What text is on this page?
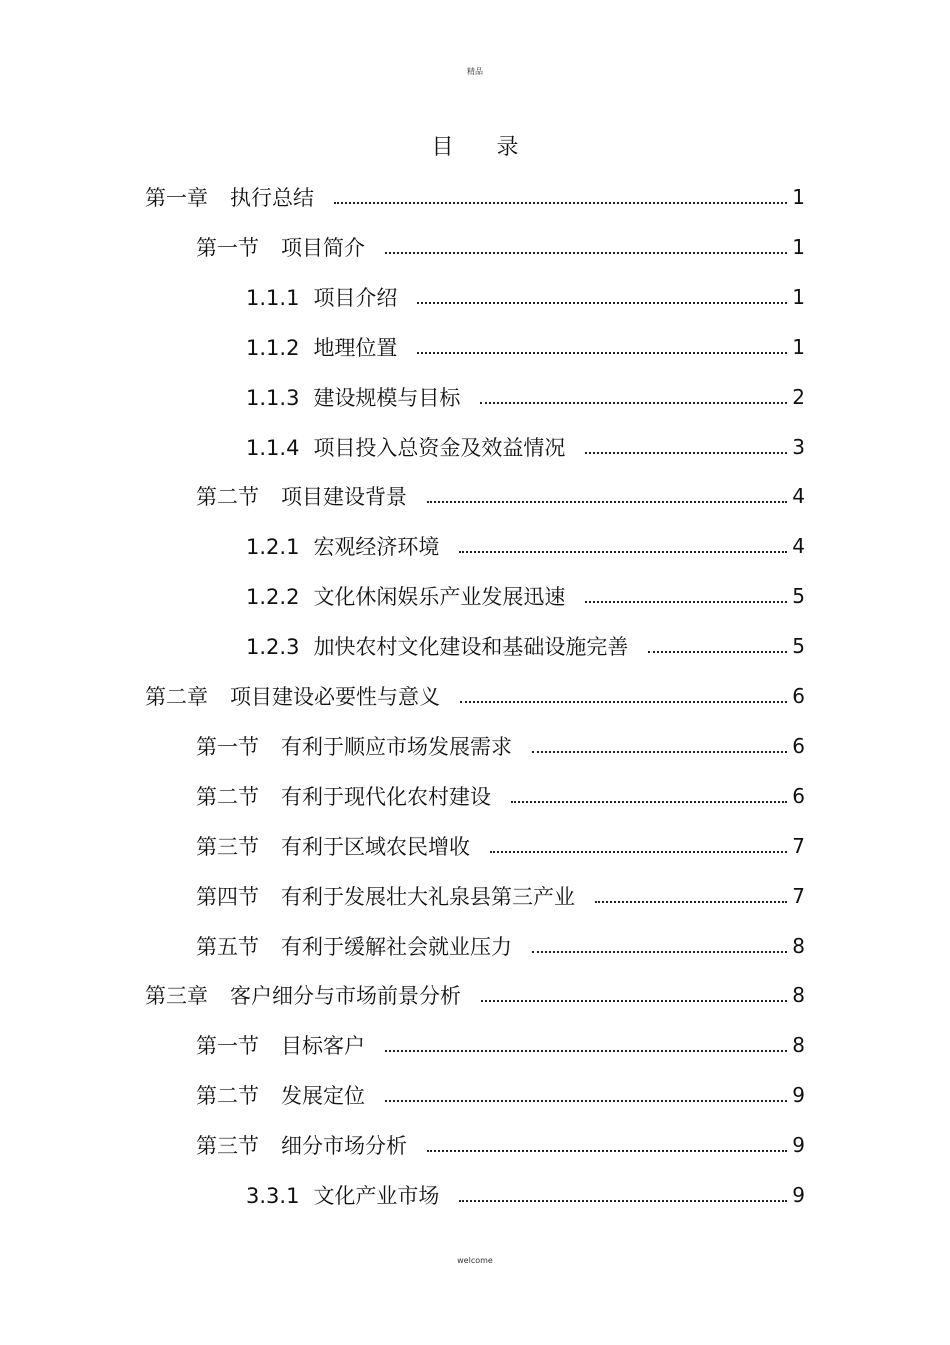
精品
目 录
第一章 执行总结	1
第一节 项目简介	1
1.1.1 项目介绍	1
1.1.2 地理位置	1
1.1.3 建设规模与目标	2
1.1.4 项目投入总资金及效益情况	3
第二节 项目建设背景	4
1.2.1 宏观经济环境	4
1.2.2 文化休闲娱乐产业发展迅速	5
1.2.3 加快农村文化建设和基础设施完善	5
第二章 项目建设必要性与意义	6
第一节 有利于顺应市场发展需求	6
第二节 有利于现代化农村建设	6
第三节 有利于区域农民增收	7
第四节 有利于发展壮大礼泉县第三产业	7
第五节 有利于缓解社会就业压力	8
第三章 客户细分与市场前景分析	8
第一节 目标客户	8
第二节 发展定位	9
第三节 细分市场分析	9
3.3.1 文化产业市场	9
welcome
